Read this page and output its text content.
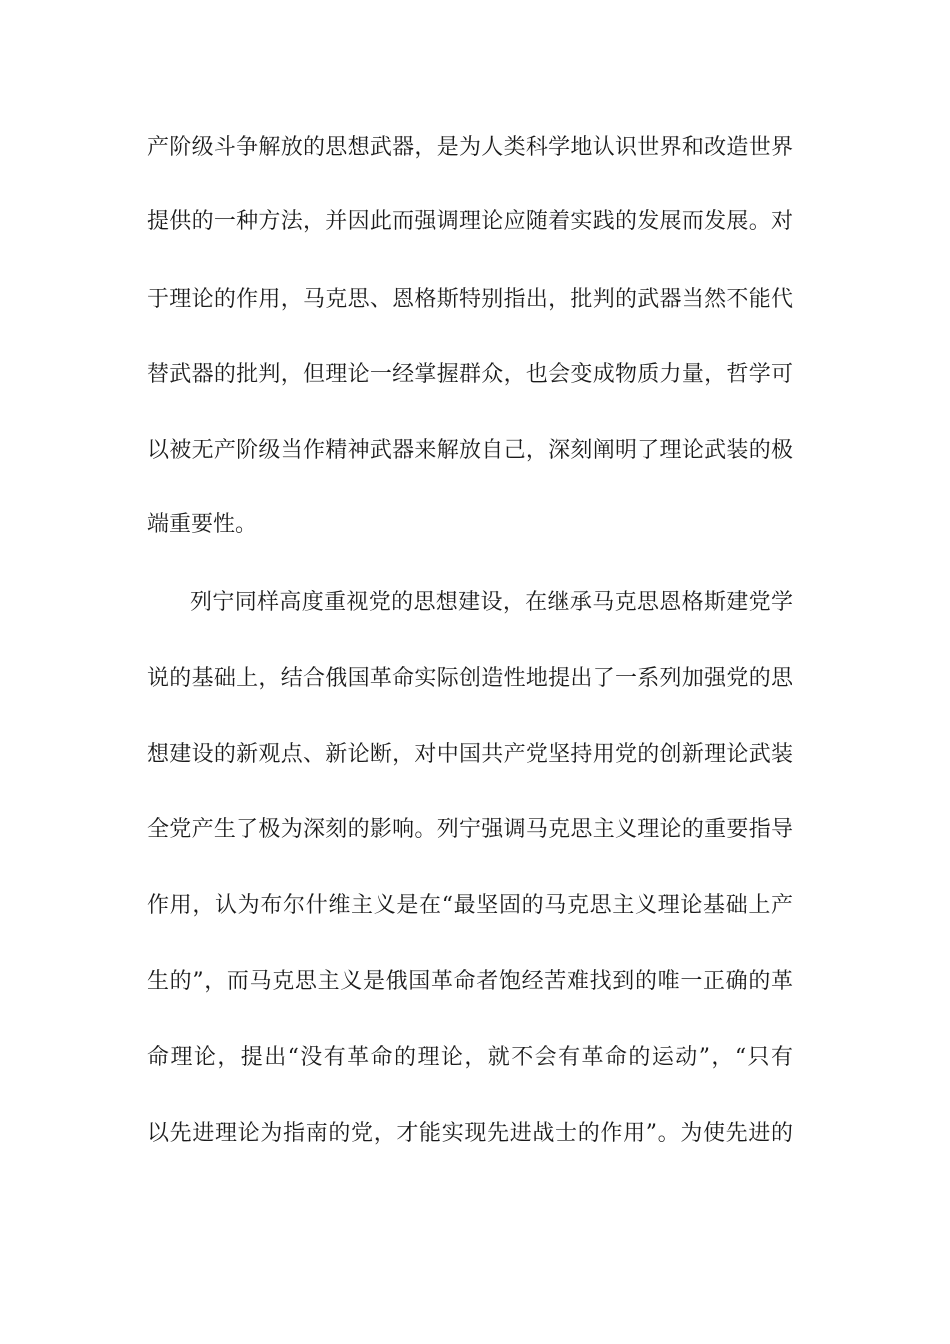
产阶级斗争解放的思想武器，是为人类科学地认识世界和改造世界
提供的一种方法，并因此而强调理论应随着实践的发展而发展。对
于理论的作用，马克思、恩格斯特别指出，批判的武器当然不能代
替武器的批判，但理论一经掌握群众，也会变成物质力量，哲学可
以被无产阶级当作精神武器来解放自己，深刻阐明了理论武装的极
端重要性。
列宁同样高度重视党的思想建设，在继承马克思恩格斯建党学
说的基础上，结合俄国革命实际创造性地提出了一系列加强党的思
想建设的新观点、新论断，对中国共产党坚持用党的创新理论武装
全党产生了极为深刻的影响。列宁强调马克思主义理论的重要指导
作用，认为布尔什维主义是在“最坚固的马克思主义理论基础上产
生的”，而马克思主义是俄国革命者饱经苦难找到的唯一正确的革
命理论，提出“没有革命的理论，就不会有革命的运动”，“只有
以先进理论为指南的党，才能实现先进战士的作用”。为使先进的
